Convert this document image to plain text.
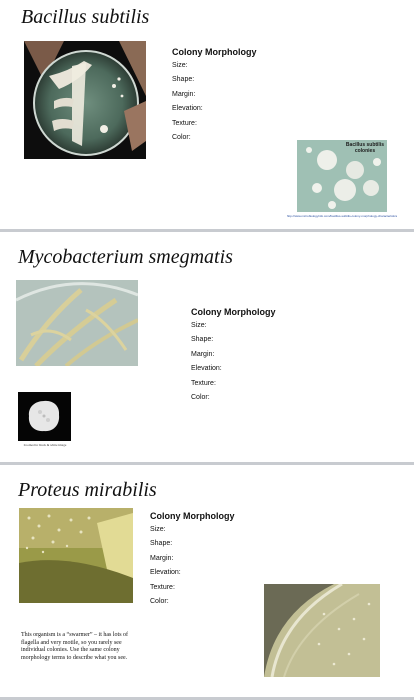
Bacillus subtilis
Colony Morphology
Size:
Shape:
Margin:
Elevation:
Texture:
Color:
Bacillus subtilis
colonies
http://www.microbiologyinfo.com/bacillus-subtilis-colony-morphology-characteristics
Mycobacterium smegmatis
Colony Morphology
Size:
Shape:
Margin:
Elevation:
Texture:
Color:
Zoomed in black & white image
Proteus mirabilis
Colony Morphology
Size:
Shape:
Margin:
Elevation:
Texture:
Color:
This organism is a “swarmer” – it has lots of flagella and very motile, so you rarely see individual colonies. Use the same colony morphology terms to describe what you see.
